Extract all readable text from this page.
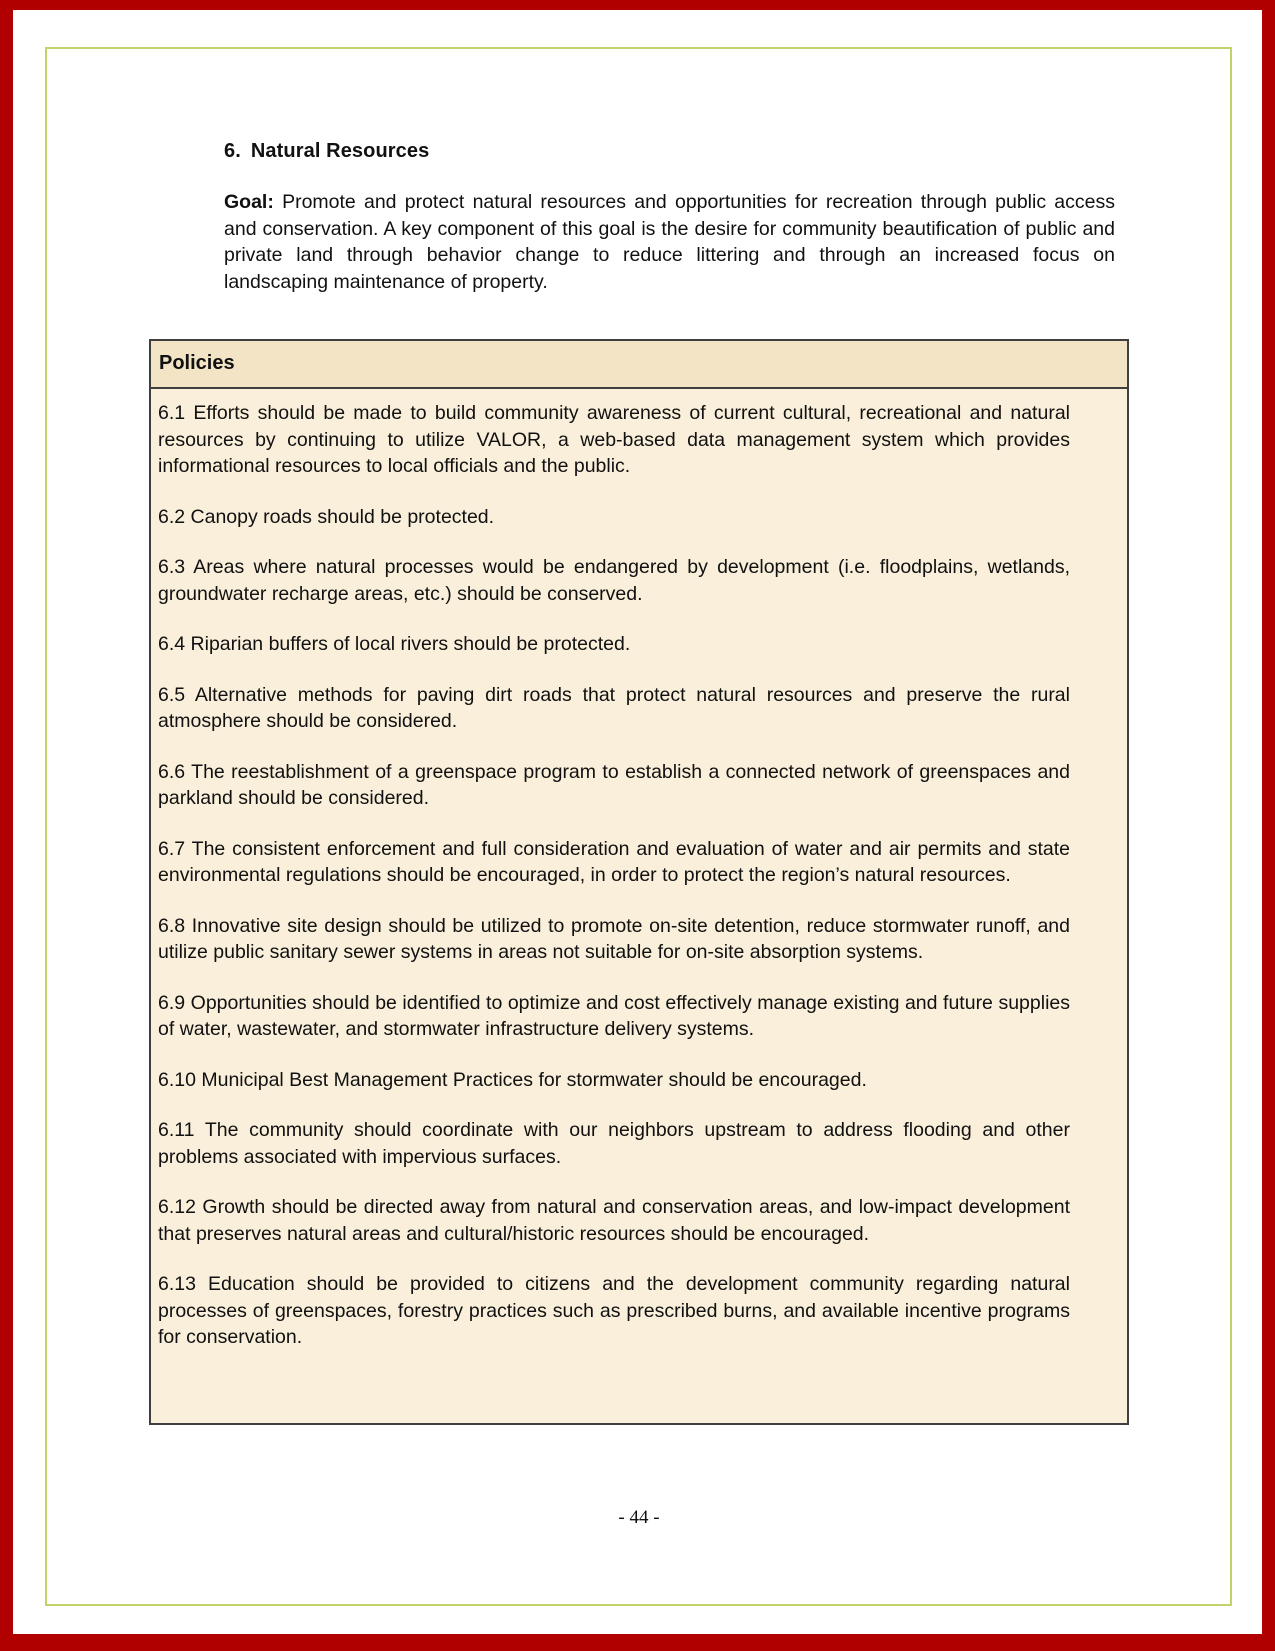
6. Natural Resources

Goal: Promote and protect natural resources and opportunities for recreation through public access and conservation. A key component of this goal is the desire for community beautification of public and private land through behavior change to reduce littering and through an increased focus on landscaping maintenance of property.

Policies

6.1 Efforts should be made to build community awareness of current cultural, recreational and natural resources by continuing to utilize VALOR, a web-based data management system which provides informational resources to local officials and the public.

6.2 Canopy roads should be protected.

6.3 Areas where natural processes would be endangered by development (i.e. floodplains, wetlands, groundwater recharge areas, etc.) should be conserved.

6.4 Riparian buffers of local rivers should be protected.

6.5 Alternative methods for paving dirt roads that protect natural resources and preserve the rural atmosphere should be considered.

6.6 The reestablishment of a greenspace program to establish a connected network of greenspaces and parkland should be considered.

6.7 The consistent enforcement and full consideration and evaluation of water and air permits and state environmental regulations should be encouraged, in order to protect the region’s natural resources.

6.8 Innovative site design should be utilized to promote on-site detention, reduce stormwater runoff, and utilize public sanitary sewer systems in areas not suitable for on-site absorption systems.

6.9 Opportunities should be identified to optimize and cost effectively manage existing and future supplies of water, wastewater, and stormwater infrastructure delivery systems.

6.10 Municipal Best Management Practices for stormwater should be encouraged.

6.11 The community should coordinate with our neighbors upstream to address flooding and other problems associated with impervious surfaces.

6.12 Growth should be directed away from natural and conservation areas, and low-impact development that preserves natural areas and cultural/historic resources should be encouraged.

6.13 Education should be provided to citizens and the development community regarding natural processes of greenspaces, forestry practices such as prescribed burns, and available incentive programs for conservation.

- 44 -
